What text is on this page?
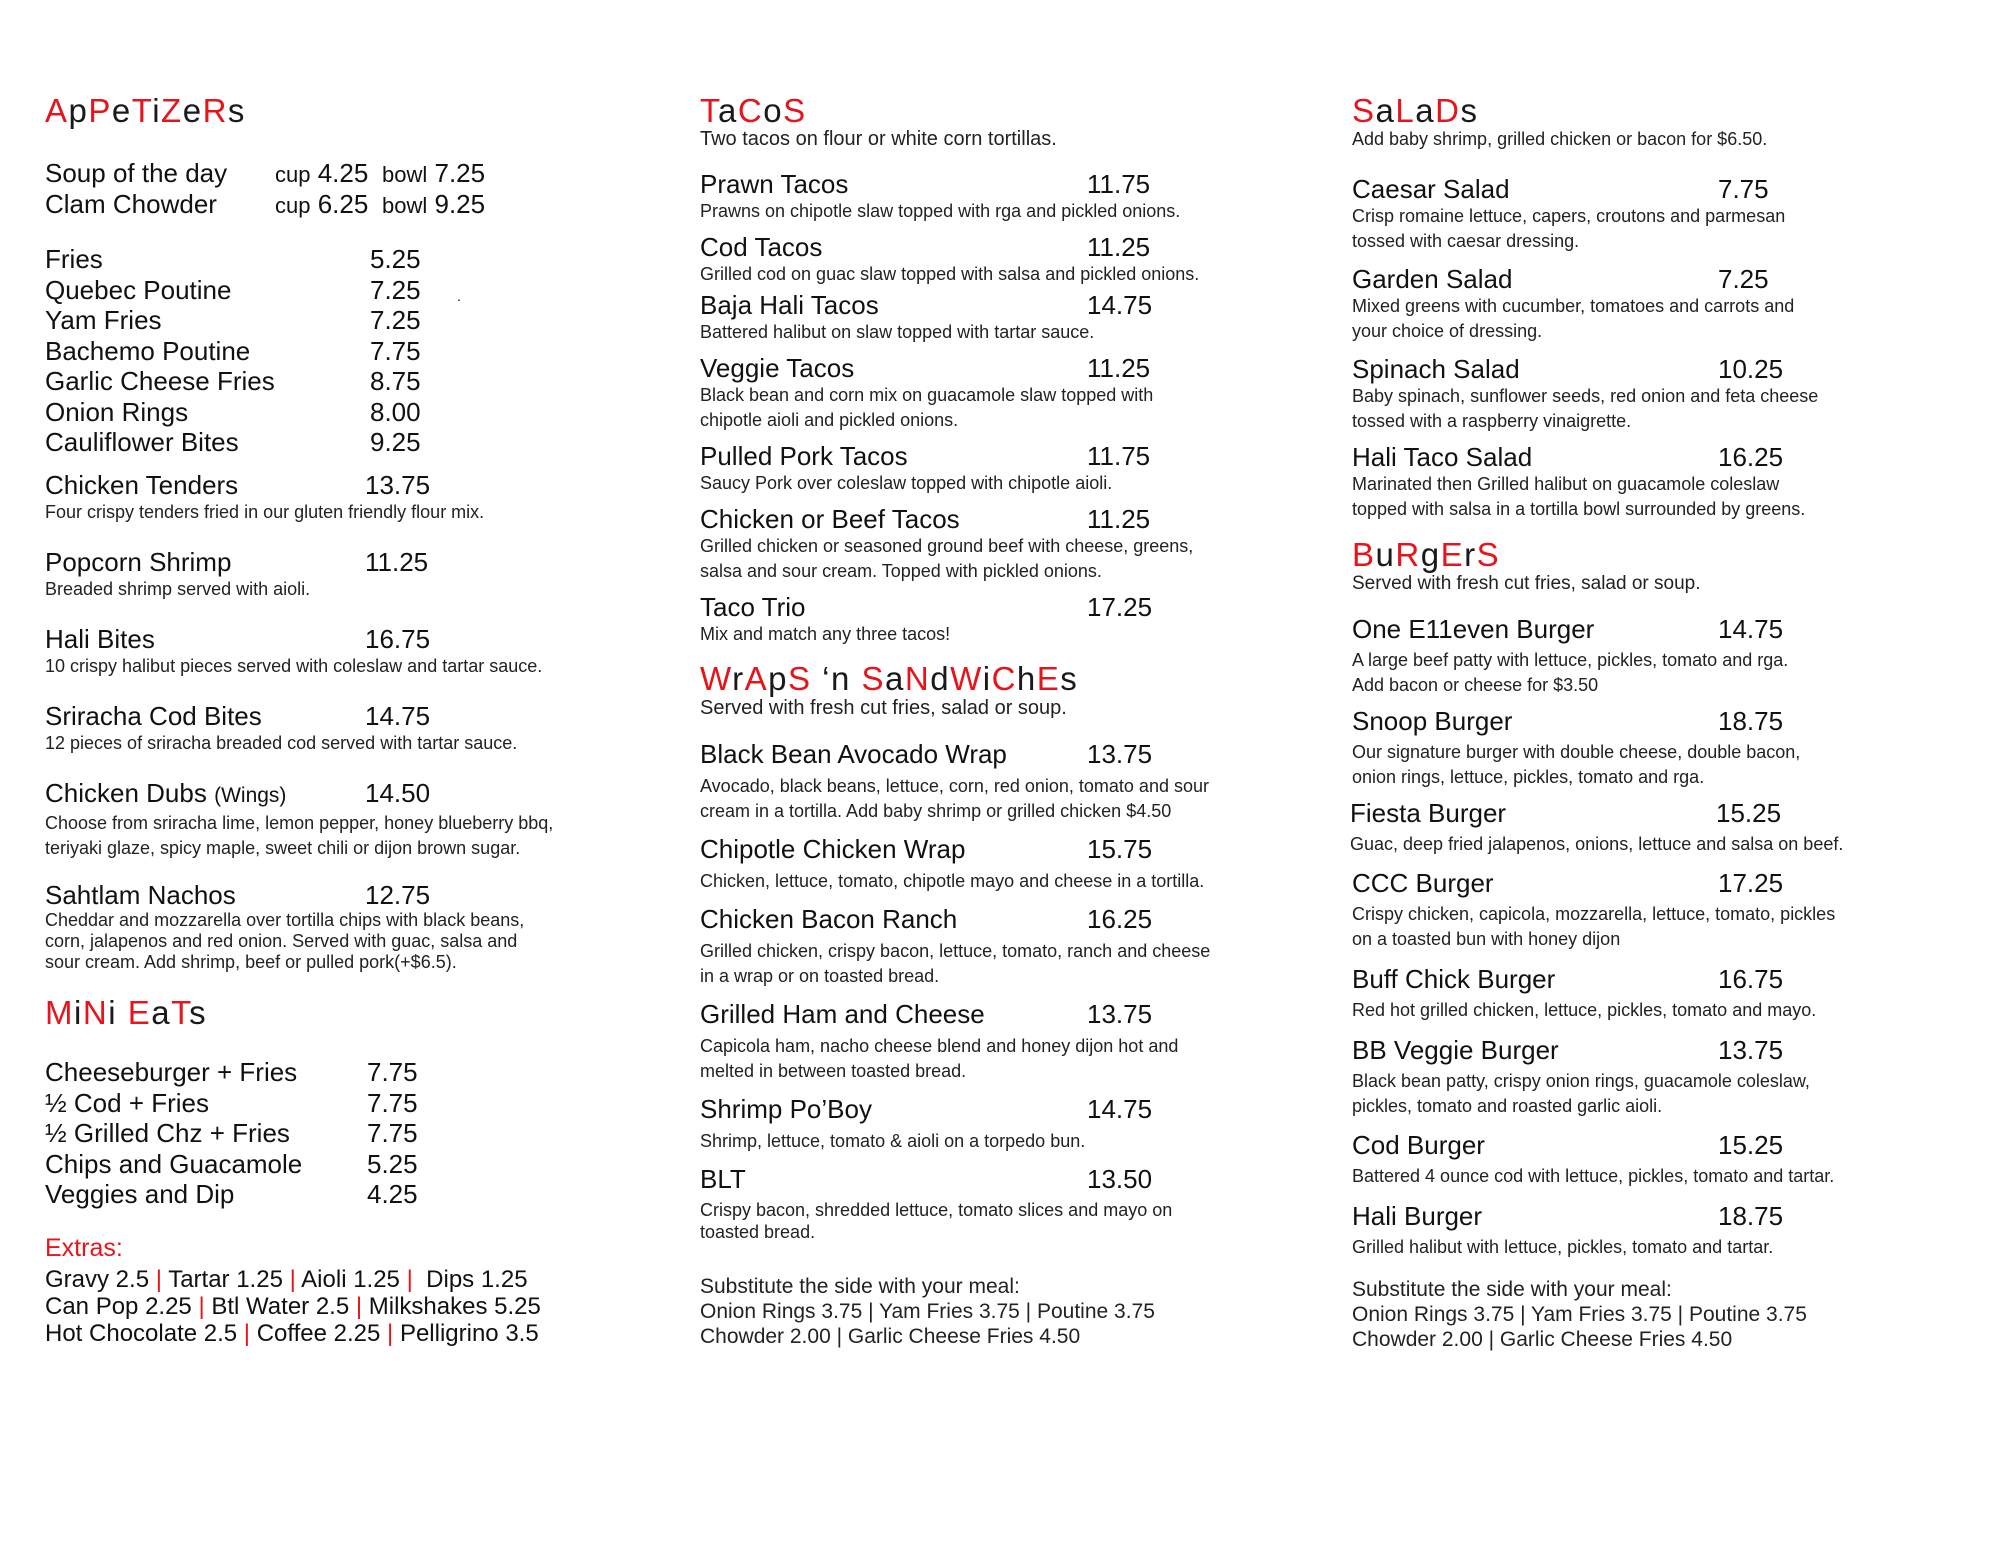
ApPeTiZeRs
Soup of the day cup 4.25 bowl 7.25
Clam Chowder	cup 6.25 bowl 9.25
Fries	5.25
Quebec Poutine	7.25	.
Yam Fries	7.25
Bachemo Poutine	7.75
Garlic Cheese Fries	8.75
Onion Rings	8.00
Cauliflower Bites	9.25
Chicken Tenders	13.75
Four crispy tenders fried in our gluten friendly flour mix.
Popcorn Shrimp	11.25
Breaded shrimp served with aioli.
Hali Bites	16.75
10 crispy halibut pieces served with coleslaw and tartar sauce.
Sriracha Cod Bites	14.75
12 pieces of sriracha breaded cod served with tartar sauce.
Chicken Dubs (Wings)	14.50
Choose from sriracha lime, lemon pepper, honey blueberry bbq,
teriyaki glaze, spicy maple, sweet chili or dijon brown sugar.
Sahtlam Nachos	12.75
Cheddar and mozzarella over tortilla chips with black beans,
corn, jalapenos and red onion. Served with guac, salsa and
sour cream. Add shrimp, beef or pulled pork(+$6.5).
MiNi EaTs
Cheeseburger + Fries	7.75
½ Cod + Fries	7.75
½ Grilled Chz + Fries	7.75
Chips and Guacamole 5.25
Veggies and Dip	4.25
Extras:
Gravy 2.5 | Tartar 1.25 | Aioli 1.25 | Dips 1.25
Can Pop 2.25 | Btl Water 2.5 | Milkshakes 5.25
Hot Chocolate 2.5 | Coffee 2.25 | Pelligrino 3.5
TaCoS
Two tacos on flour or white corn tortillas.
Prawn Tacos	11.75
Prawns on chipotle slaw topped with rga and pickled onions.
Cod Tacos	11.25
Grilled cod on guac slaw topped with salsa and pickled onions.
Baja Hali Tacos	14.75
Battered halibut on slaw topped with tartar sauce.
Veggie Tacos	11.25
Black bean and corn mix on guacamole slaw topped with
chipotle aioli and pickled onions.
Pulled Pork Tacos	11.75
Saucy Pork over coleslaw topped with chipotle aioli.
Chicken or Beef Tacos	11.25
Grilled chicken or seasoned ground beef with cheese, greens,
salsa and sour cream. Topped with pickled onions.
Taco Trio	17.25
Mix and match any three tacos!
WrApS ‘n SaNdWiChEs
Served with fresh cut fries, salad or soup.
Black Bean Avocado Wrap	13.75
Avocado, black beans, lettuce, corn, red onion, tomato and sour
cream in a tortilla. Add baby shrimp or grilled chicken $4.50
Chipotle Chicken Wrap	15.75
Chicken, lettuce, tomato, chipotle mayo and cheese in a tortilla.
Chicken Bacon Ranch	16.25
Grilled chicken, crispy bacon, lettuce, tomato, ranch and cheese
in a wrap or on toasted bread.
Grilled Ham and Cheese	13.75
Capicola ham, nacho cheese blend and honey dijon hot and
melted in between toasted bread.
Shrimp Po’Boy	14.75
Shrimp, lettuce, tomato & aioli on a torpedo bun.
BLT	13.50
Crispy bacon, shredded lettuce, tomato slices and mayo on
toasted bread.
Substitute the side with your meal:
Onion Rings 3.75 | Yam Fries 3.75 | Poutine 3.75
Chowder 2.00 | Garlic Cheese Fries 4.50
SaLaDs
Add baby shrimp, grilled chicken or bacon for $6.50.
Caesar Salad	7.75
Crisp romaine lettuce, capers, croutons and parmesan
tossed with caesar dressing.
Garden Salad	7.25
Mixed greens with cucumber, tomatoes and carrots and
your choice of dressing.
Spinach Salad	10.25
Baby spinach, sunflower seeds, red onion and feta cheese
tossed with a raspberry vinaigrette.
Hali Taco Salad	16.25
Marinated then Grilled halibut on guacamole coleslaw
topped with salsa in a tortilla bowl surrounded by greens.
BuRgErS
Served with fresh cut fries, salad or soup.
One E11even Burger	14.75
A large beef patty with lettuce, pickles, tomato and rga.
Add bacon or cheese for $3.50
Snoop Burger	18.75
Our signature burger with double cheese, double bacon,
onion rings, lettuce, pickles, tomato and rga.
Fiesta Burger	15.25
Guac, deep fried jalapenos, onions, lettuce and salsa on beef.
CCC Burger	17.25
Crispy chicken, capicola, mozzarella, lettuce, tomato, pickles
on a toasted bun with honey dijon
Buff Chick Burger	16.75
Red hot grilled chicken, lettuce, pickles, tomato and mayo.
BB Veggie Burger	13.75
Black bean patty, crispy onion rings, guacamole coleslaw,
pickles, tomato and roasted garlic aioli.
Cod Burger	15.25
Battered 4 ounce cod with lettuce, pickles, tomato and tartar.
Hali Burger	18.75
Grilled halibut with lettuce, pickles, tomato and tartar.
Substitute the side with your meal:
Onion Rings 3.75 | Yam Fries 3.75 | Poutine 3.75
Chowder 2.00 | Garlic Cheese Fries 4.50
